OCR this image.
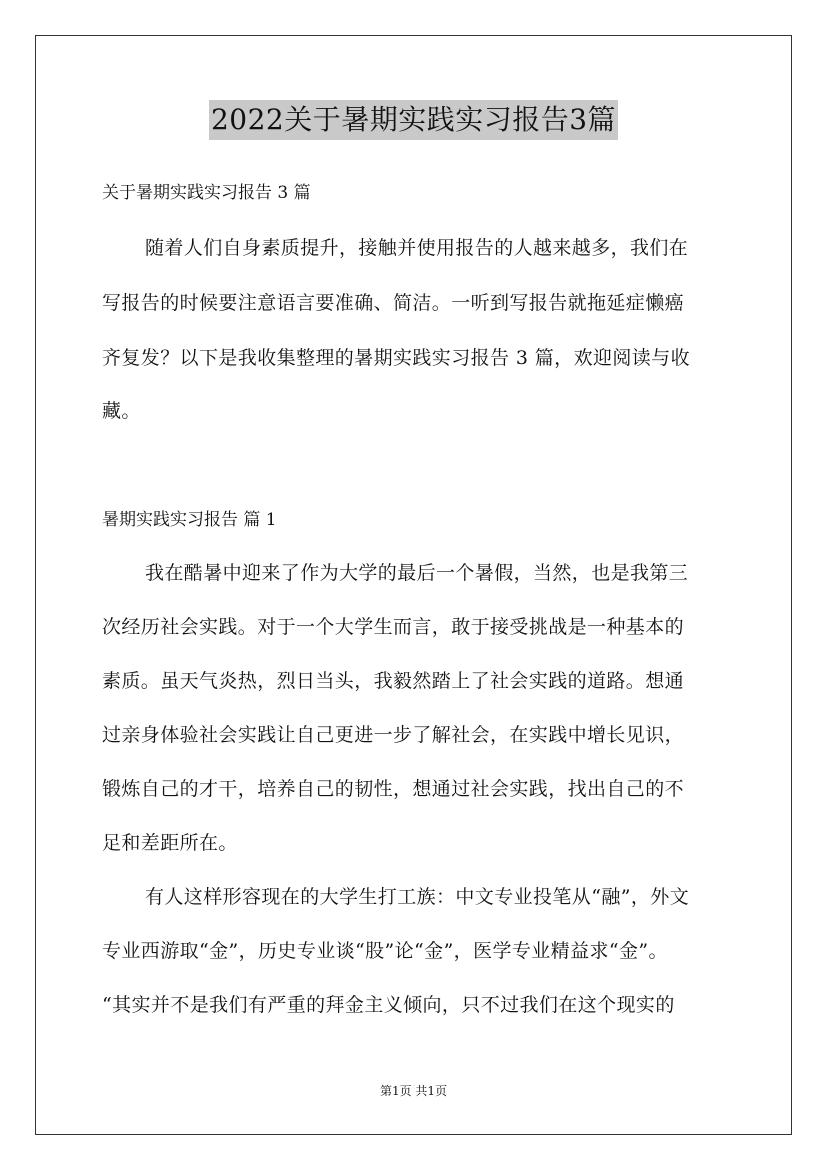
2022关于暑期实践实习报告3篇
关于暑期实践实习报告 3 篇
随着人们自身素质提升，接触并使用报告的人越来越多，我们在
写报告的时候要注意语言要准确、简洁。一听到写报告就拖延症懒癌
齐复发？以下是我收集整理的暑期实践实习报告 3 篇，欢迎阅读与收
藏。
暑期实践实习报告 篇 1
我在酷暑中迎来了作为大学的最后一个暑假，当然，也是我第三
次经历社会实践。对于一个大学生而言，敢于接受挑战是一种基本的
素质。虽天气炎热，烈日当头，我毅然踏上了社会实践的道路。想通
过亲身体验社会实践让自己更进一步了解社会，在实践中增长见识，
锻炼自己的才干，培养自己的韧性，想通过社会实践，找出自己的不
足和差距所在。
有人这样形容现在的大学生打工族：中文专业投笔从“融”，外文
专业西游取“金”，历史专业谈“股”论“金”，医学专业精益求“金”。
“其实并不是我们有严重的拜金主义倾向，只不过我们在这个现实的
第1页 共1页
